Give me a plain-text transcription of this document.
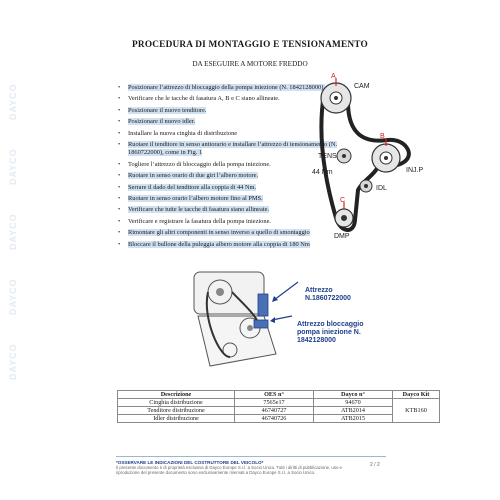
DAYCO
DAYCO
DAYCO
DAYCO
DAYCO
PROCEDURA DI MONTAGGIO E TENSIONAMENTO
DA ESEGUIRE A MOTORE FREDDO
• Posizionare l’attrezzo di bloccaggio della pompa iniezione (N. 1842128000).
• Verificare che le tacche di fasatura A, B e C siano allineate.
• Posizionare il nuovo tenditore.
• Posizionare il nuovo idler.
• Installare la nuova cinghia di distribuzione
• Ruotare il tenditore in senso antiorario e installare l’attrezzo di tensionamento (N. 1860722000), come in Fig. 1
• Togliere l’attrezzo di bloccaggio della pompa iniezione.
• Ruotare in senso orario di due giri l’albero motore.
• Serrare il dado del tenditore alla coppia di 44 Nm.
• Ruotare in senso orario l’albero motore fino al PMS.
• Verificare che tutte le tacche di fasatura siano allineate.
• Verificare e registrare la fasatura della pompa iniezione.
• Rimontare gli altri componenti in senso inverso a quello di smontaggio
• Bloccare il bullone della puleggia albero motore alla coppia di 180 Nm
A
CAM
B
INJ.P
TENS
44 Nm
IDL
C
DMP
Attrezzo
N.1860722000
Attrezzo bloccaggio
pompa iniezione N.
1842128000
Descrizione	OES n°	Dayco n°	Dayco Kit
Cinghia distribuzione	7565e17	94670	KTB160
Tenditore distribuzione	46740727	ATB2014	
Idler distribuzione	46740726	ATB2015	
*OSSERVARE LE INDICAZIONI DEL COSTRUTTORE DEL VEICOLO*
Il presente documento è di proprietà esclusiva di Dayco Europe S.r.l. a Socio Unico. Tutti i diritti di pubblicazione, uso e
riproduzione del presente documento sono esclusivamente riservati a Dayco Europe S.r.l. a Socio Unico.
2 / 2
